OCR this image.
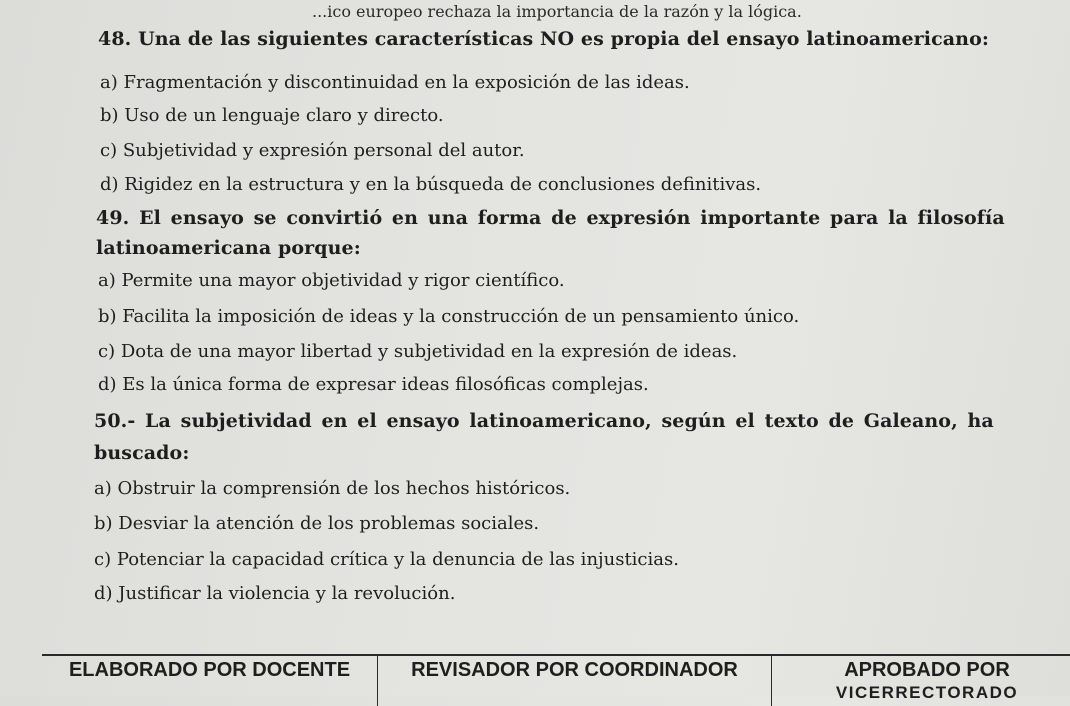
...ico europeo rechaza la importancia de la razón y la lógica.
48. Una de las siguientes características NO es propia del ensayo latinoamericano:
a) Fragmentación y discontinuidad en la exposición de las ideas.
b) Uso de un lenguaje claro y directo.
c) Subjetividad y expresión personal del autor.
d) Rigidez en la estructura y en la búsqueda de conclusiones definitivas.
49. El ensayo se convirtió en una forma de expresión importante para la filosofía
latinoamericana porque:
a) Permite una mayor objetividad y rigor científico.
b) Facilita la imposición de ideas y la construcción de un pensamiento único.
c) Dota de una mayor libertad y subjetividad en la expresión de ideas.
d) Es la única forma de expresar ideas filosóficas complejas.
50.- La subjetividad en el ensayo latinoamericano, según el texto de Galeano, ha
buscado:
a) Obstruir la comprensión de los hechos históricos.
b) Desviar la atención de los problemas sociales.
c) Potenciar la capacidad crítica y la denuncia de las injusticias.
d) Justificar la violencia y la revolución.
ELABORADO POR DOCENTE	REVISADOR POR COORDINADOR	APROBADO POR
VICERRECTORADO
